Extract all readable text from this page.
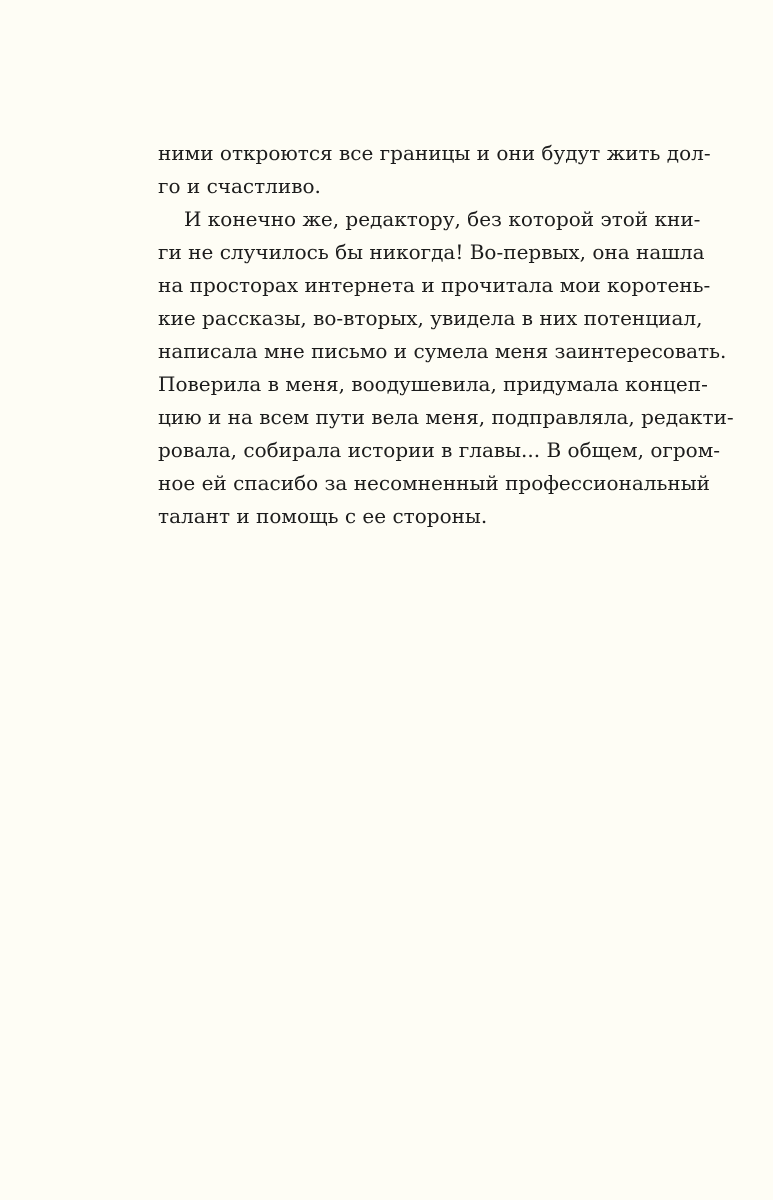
ними откроются все границы и они будут жить дол-
го и счастливо.

И конечно же, редактору, без которой этой кни-
ги не случилось бы никогда! Во-первых, она нашла
на просторах интернета и прочитала мои коротень-
кие рассказы, во-вторых, увидела в них потенциал,
написала мне письмо и сумела меня заинтересовать.
Поверила в меня, воодушевила, придумала концеп-
цию и на всем пути вела меня, подправляла, редакти-
ровала, собирала истории в главы... В общем, огром-
ное ей спасибо за несомненный профессиональный
талант и помощь с ее стороны.
